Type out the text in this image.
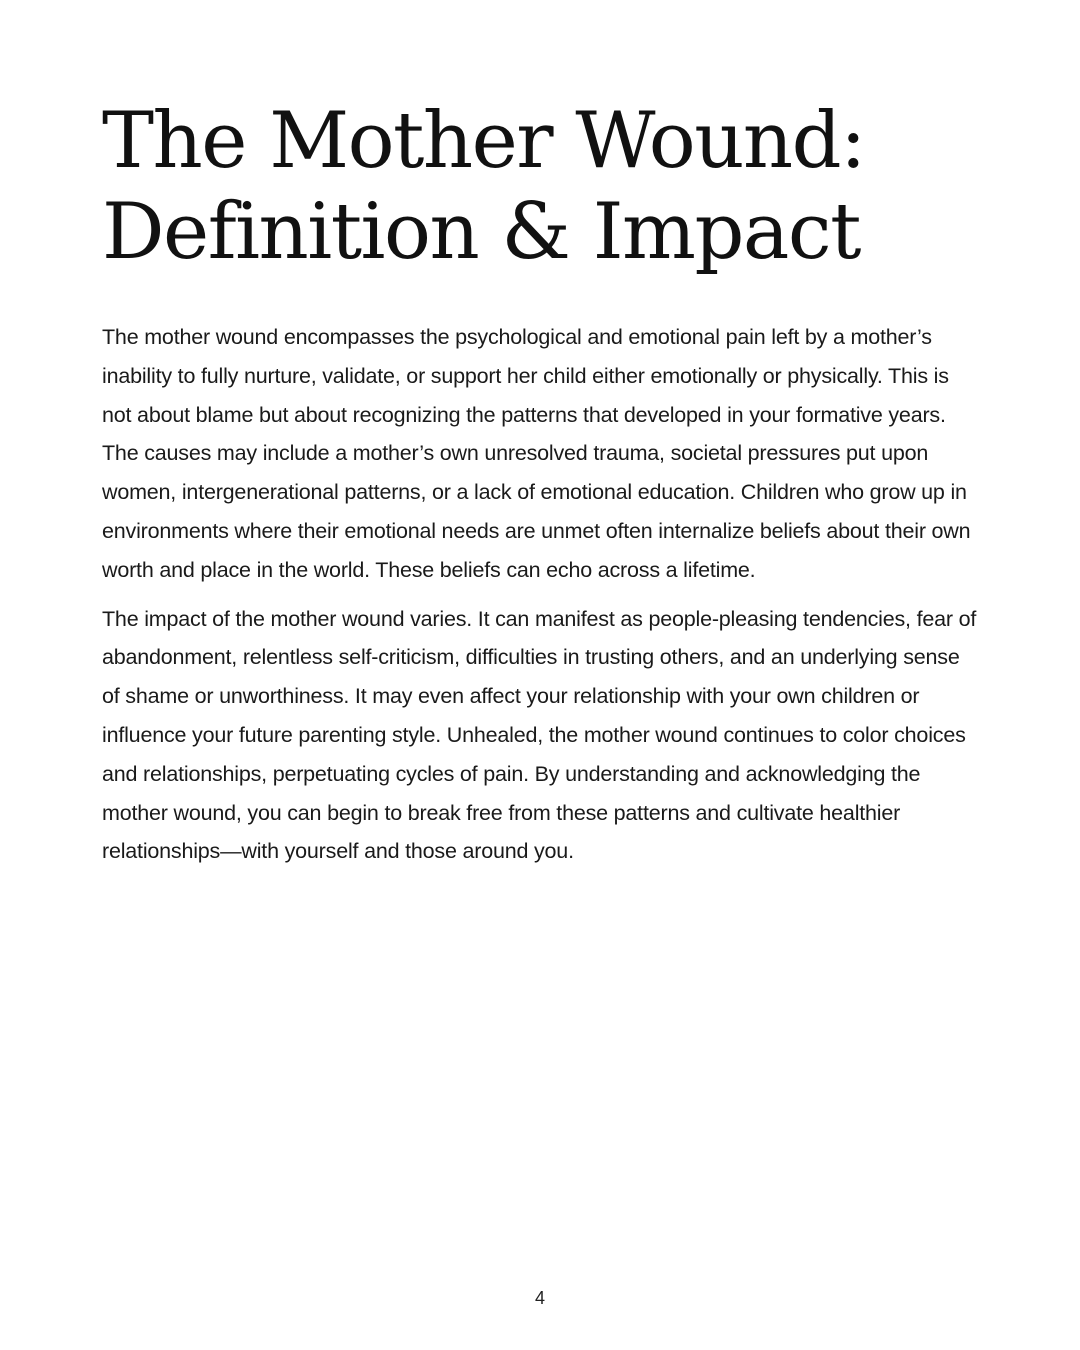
The Mother Wound:
Definition & Impact

The mother wound encompasses the psychological and emotional pain left by a mother’s inability to fully nurture, validate, or support her child either emotionally or physically. This is not about blame but about recognizing the patterns that developed in your formative years. The causes may include a mother’s own unresolved trauma, societal pressures put upon women, intergenerational patterns, or a lack of emotional education. Children who grow up in environments where their emotional needs are unmet often internalize beliefs about their own worth and place in the world. These beliefs can echo across a lifetime.

The impact of the mother wound varies. It can manifest as people-pleasing tendencies, fear of abandonment, relentless self-criticism, difficulties in trusting others, and an underlying sense of shame or unworthiness. It may even affect your relationship with your own children or influence your future parenting style. Unhealed, the mother wound continues to color choices and relationships, perpetuating cycles of pain. By understanding and acknowledging the mother wound, you can begin to break free from these patterns and cultivate healthier relationships—with yourself and those around you.

4
